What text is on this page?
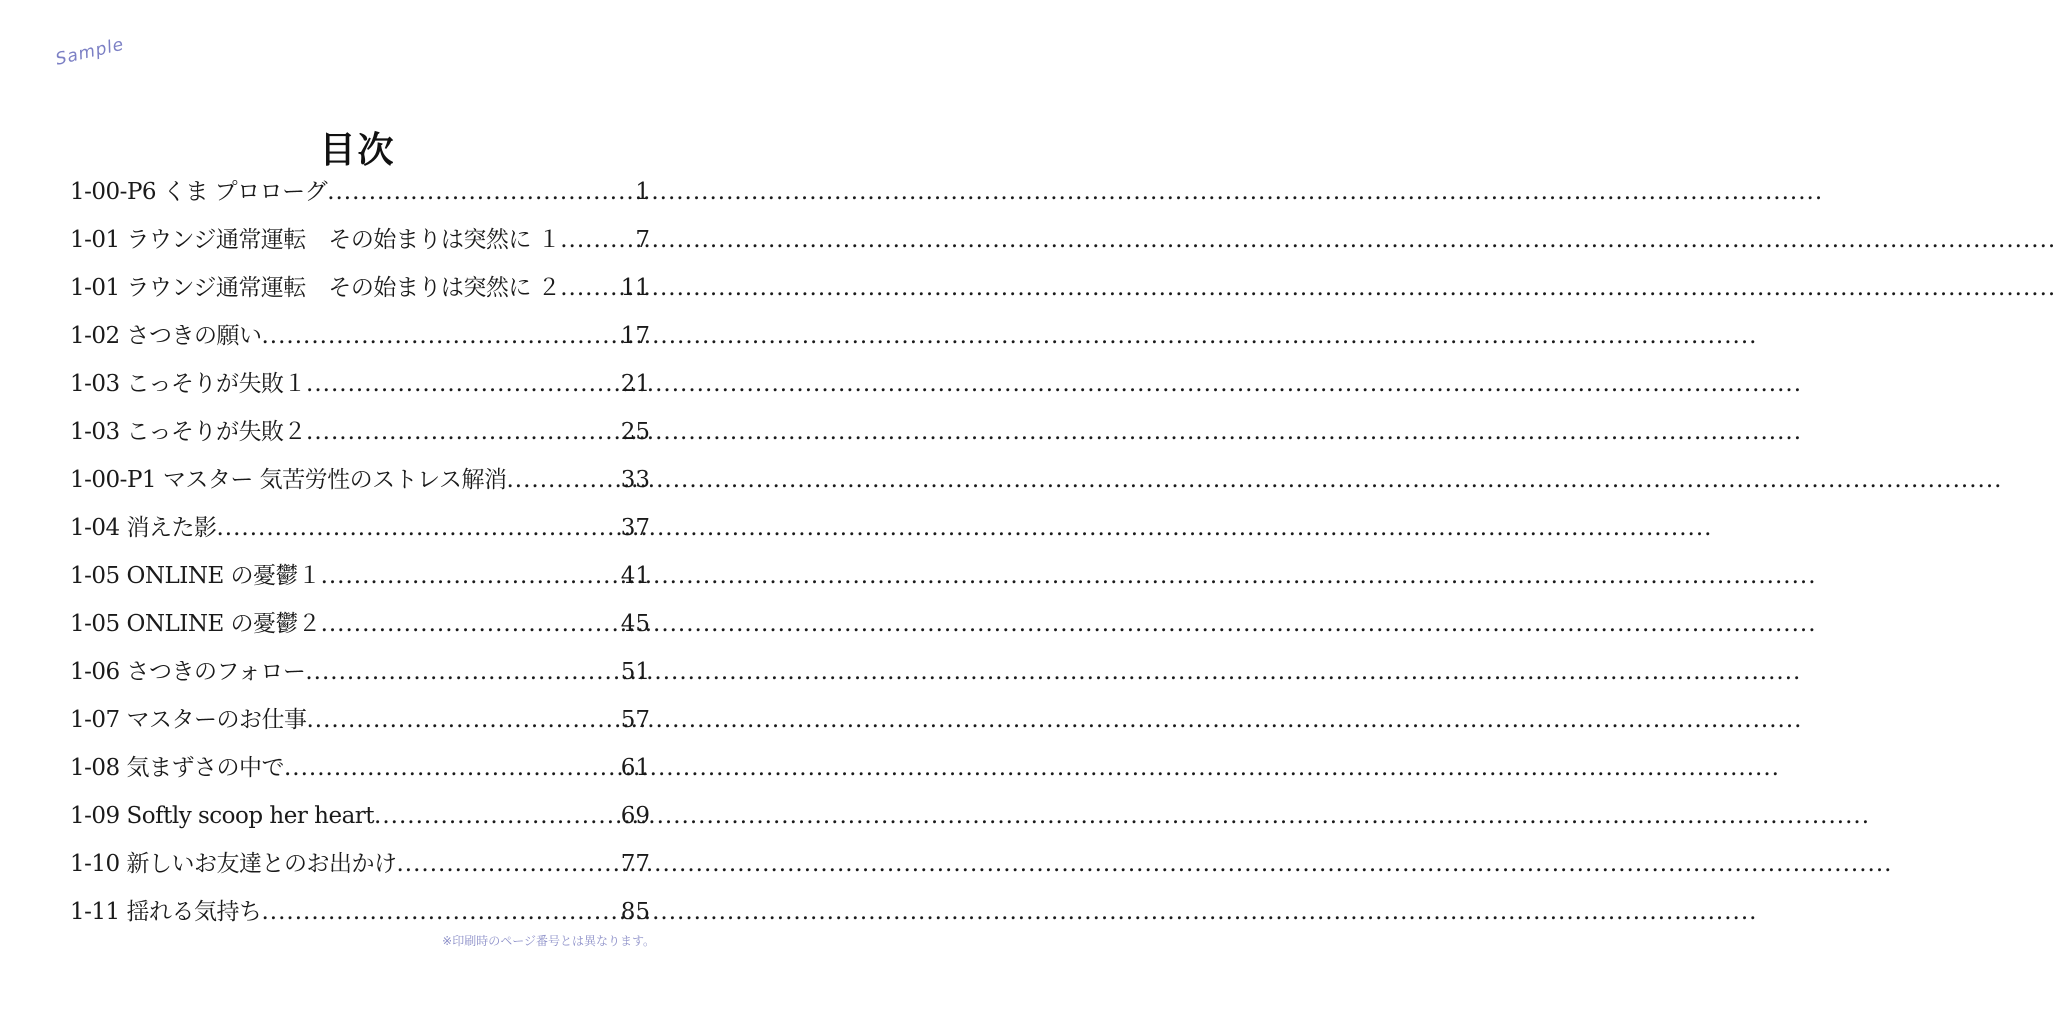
Sample
目次
1-00-P6 くま プロローグ .....	1
1-01 ラウンジ通常運転　その始まりは突然に １ .....	7
1-01 ラウンジ通常運転　その始まりは突然に ２ .....	11
1-02 さつきの願い .....	17
1-03 こっそりが失敗１ .....	21
1-03 こっそりが失敗２ .....	25
1-00-P1 マスター 気苦労性のストレス解消 .....	33
1-04 消えた影 .....	37
1-05 ONLINE の憂鬱１ .....	41
1-05 ONLINE の憂鬱２ .....	45
1-06 さつきのフォロー .....	51
1-07 マスターのお仕事 .....	57
1-08 気まずさの中で .....	61
1-09 Softly scoop her heart .....	69
1-10 新しいお友達とのお出かけ .....	77
1-11 揺れる気持ち .....	85
※印刷時のページ番号とは異なります。
